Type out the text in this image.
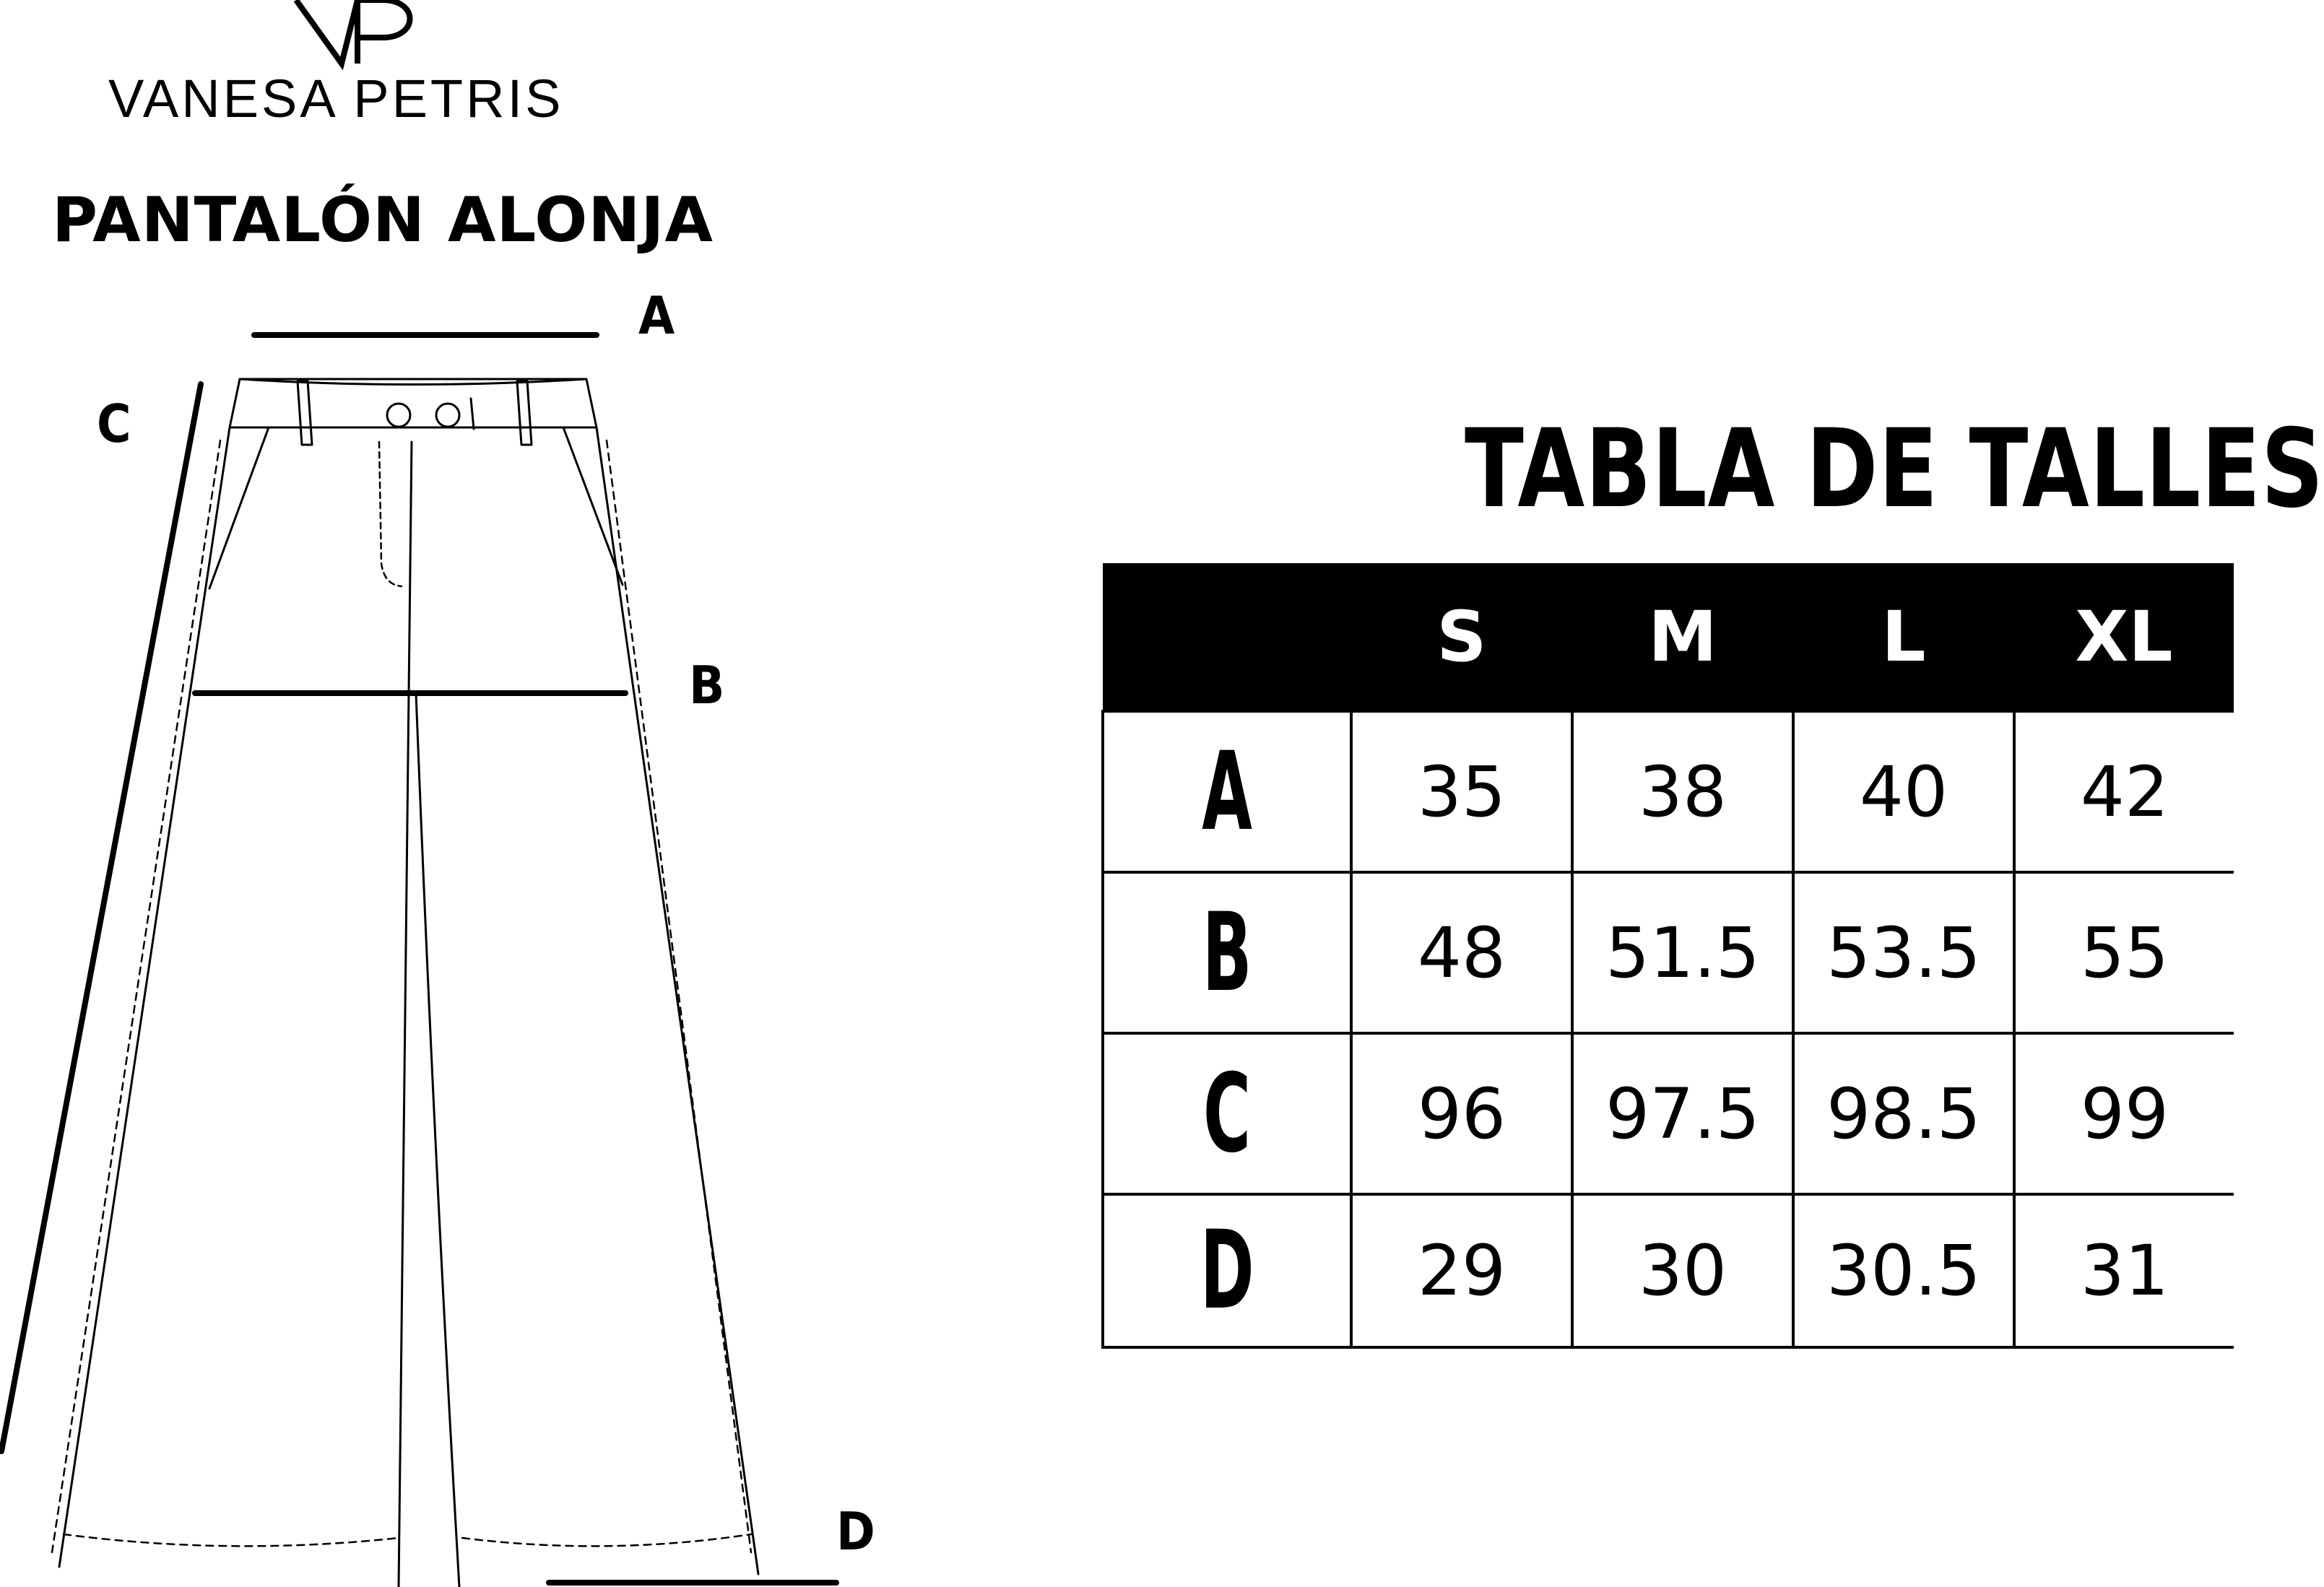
VANESA PETRIS
PANTALÓN ALONJA
A
B
C
D
TABLA DE TALLES
	S	M	L	XL
A	35	38	40	42
B	48	51.5	53.5	55
C	96	97.5	98.5	99
D	29	30	30.5	31
